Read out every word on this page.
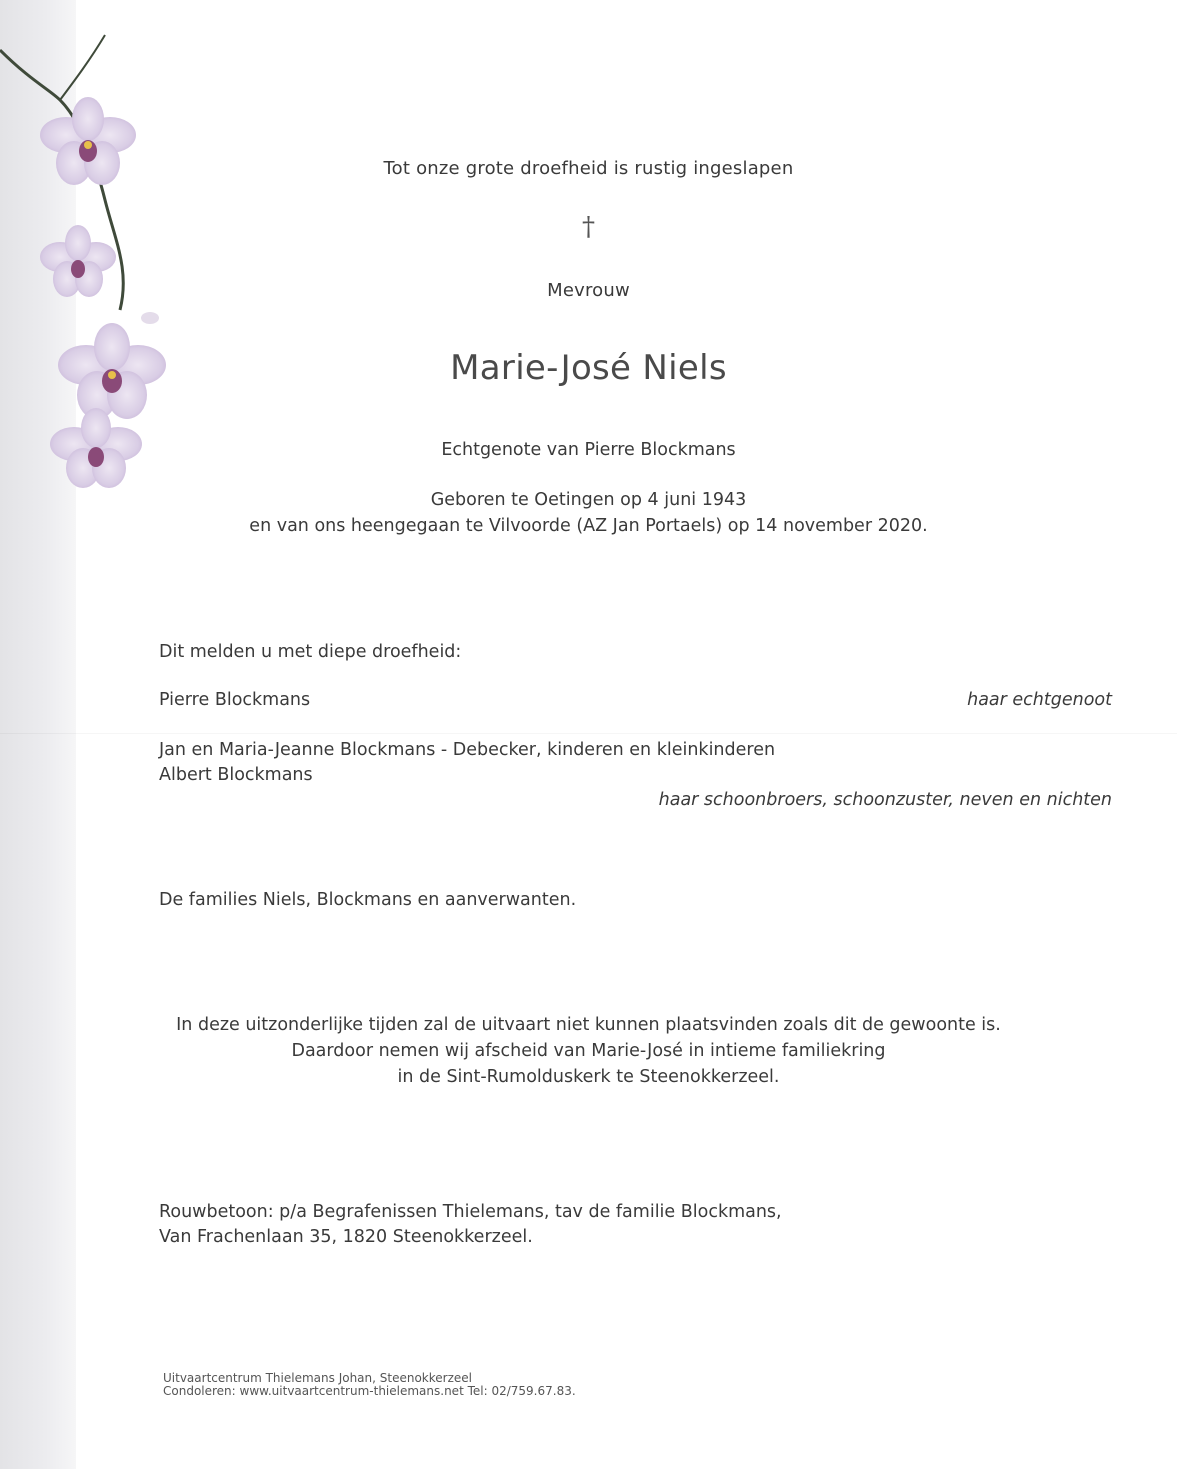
Tot onze grote droefheid is rustig ingeslapen
†
Mevrouw
Marie-José Niels
Echtgenote van Pierre Blockmans
Geboren te Oetingen op 4 juni 1943
en van ons heengegaan te Vilvoorde (AZ Jan Portaels) op 14 november 2020.
Dit melden u met diepe droefheid:
Pierre Blockmans	haar echtgenoot
Jan en Maria-Jeanne Blockmans - Debecker, kinderen en kleinkinderen
Albert Blockmans
haar schoonbroers, schoonzuster, neven en nichten
De families Niels, Blockmans en aanverwanten.
In deze uitzonderlijke tijden zal de uitvaart niet kunnen plaatsvinden zoals dit de gewoonte is.
Daardoor nemen wij afscheid van Marie-José in intieme familiekring
in de Sint-Rumolduskerk te Steenokkerzeel.
Rouwbetoon: p/a Begrafenissen Thielemans, tav de familie Blockmans,
Van Frachenlaan 35, 1820 Steenokkerzeel.
Uitvaartcentrum Thielemans Johan, Steenokkerzeel
Condoleren: www.uitvaartcentrum-thielemans.net Tel: 02/759.67.83.
